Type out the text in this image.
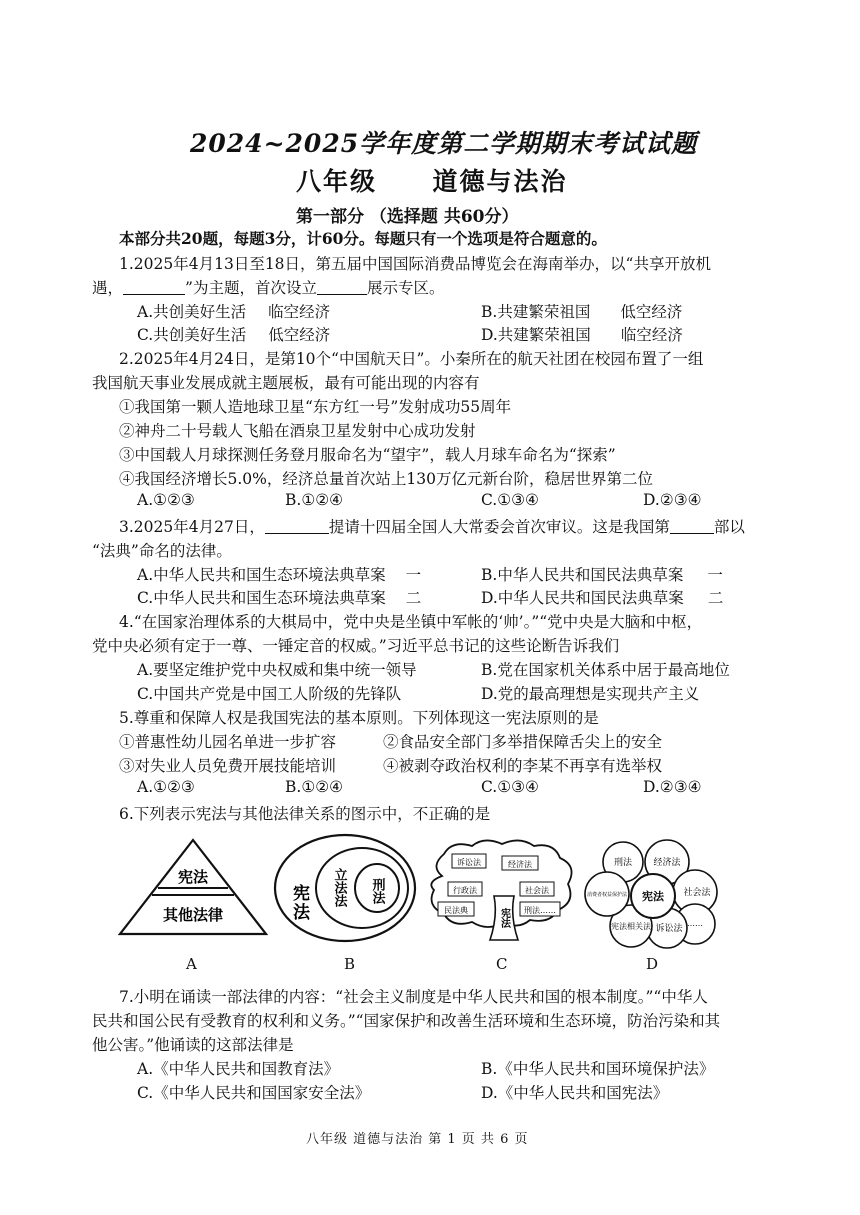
2024~2025学年度第二学期期末考试试题
八年级 道德与法治
第一部分 （选择题 共60分）
本部分共20题，每题3分，计60分。每题只有一个选项是符合题意的。
1.2025年4月13日至18日，第五届中国国际消费品博览会在海南举办，以“共享开放机
遇，	”为主题，首次设立	展示专区。
A.共创美好生活 临空经济	B.共建繁荣祖国 低空经济
C.共创美好生活 低空经济	D.共建繁荣祖国 临空经济
2.2025年4月24日，是第10个“中国航天日”。小秦所在的航天社团在校园布置了一组
我国航天事业发展成就主题展板，最有可能出现的内容有
①我国第一颗人造地球卫星“东方红一号”发射成功55周年
②神舟二十号载人飞船在酒泉卫星发射中心成功发射
③中国载人月球探测任务登月服命名为“望宇”，载人月球车命名为“探索”
④我国经济增长5.0%，经济总量首次站上130万亿元新台阶，稳居世界第二位
A.①②③	B.①②④	C.①③④	D.②③④
3.2025年4月27日，	提请十四届全国人大常委会首次审议。这是我国第	部以
“法典”命名的法律。
A.中华人民共和国生态环境法典草案 一	B.中华人民共和国民法典草案 一
C.中华人民共和国生态环境法典草案 二	D.中华人民共和国民法典草案 二
4.“在国家治理体系的大棋局中，党中央是坐镇中军帐的‘帅’。”“党中央是大脑和中枢，
党中央必须有定于一尊、一锤定音的权威。”习近平总书记的这些论断告诉我们
A.要坚定维护党中央权威和集中统一领导	B.党在国家机关体系中居于最高地位
C.中国共产党是中国工人阶级的先锋队	D.党的最高理想是实现共产主义
5.尊重和保障人权是我国宪法的基本原则。下列体现这一宪法原则的是
①普惠性幼儿园名单进一步扩容	②食品安全部门多举措保障舌尖上的安全
③对失业人员免费开展技能培训	④被剥夺政治权利的李某不再享有选举权
A.①②③	B.①②④	C.①③④	D.②③④
6.下列表示宪法与其他法律关系的图示中，不正确的是
宪法
其他法律
A
宪法 立法法 刑法
B
诉讼法	经济法
行政法	社会法
民法典	刑法……
宪法
C
刑法 经济法
社会法
……
诉讼法
宪法相关法
消费者权益保护法 宪法
D
7.小明在诵读一部法律的内容：“社会主义制度是中华人民共和国的根本制度。”“中华人
民共和国公民有受教育的权利和义务。”“国家保护和改善生活环境和生态环境，防治污染和其
他公害。”他诵读的这部法律是
A.《中华人民共和国教育法》	B.《中华人民共和国环境保护法》
C.《中华人民共和国国家安全法》	D.《中华人民共和国宪法》
八年级 道德与法治 第 1 页 共 6 页
